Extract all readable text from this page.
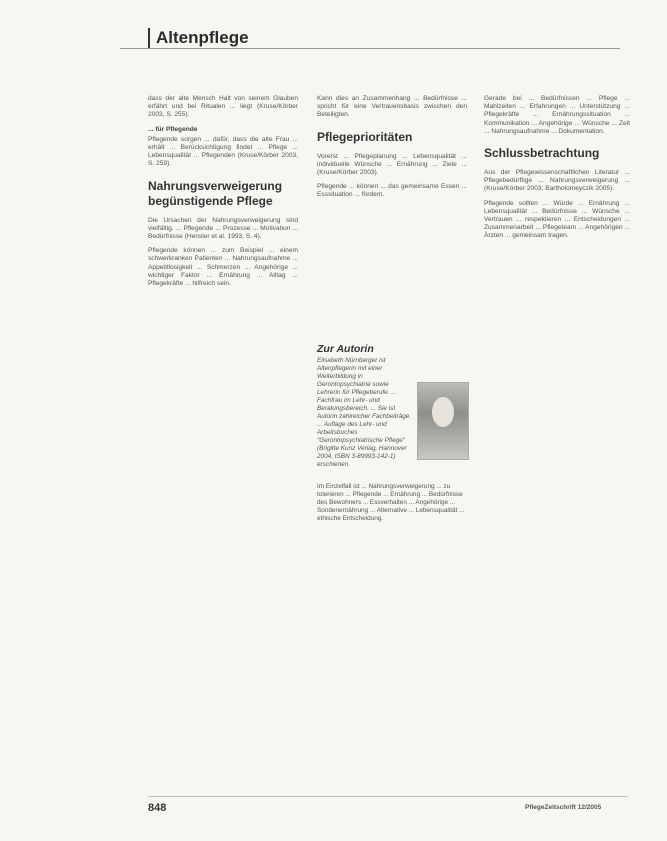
Altenpflege

dass der alte Mensch Halt von seinem Glauben erfährt und bei Ritualen ... liegt (Kruse/Körber 2003, S. 255).

... für Pflegende

Pflegende sorgen ... dafür, dass die alte Frau ... erhält ... Berücksichtigung findet ... Pflege ... Lebensqualität ... Pflegenden (Kruse/Körber 2003, S. 259).

Nahrungsverweigerung begünstigende Pflege

Die Ursachen der Nahrungsverweigerung sind vielfältig. ... Pflegende ... Prozesse ... Motivation ... Bedürfnisse (Hensler et al. 1993, S. 4).

Pflegende können ... zum Beispiel ... einem schwerkranken Patienten ... Nahrungsaufnahme ... Appetitlosigkeit ... Schmerzen ... Angehörige ... wichtiger Faktor ... Ernährung ... Alltag ... Pflegekräfte ... hilfreich sein.

Kann dies an Zusammenhang ... Bedürfnisse ... spricht für eine Vertrauensbasis zwischen den Beteiligten.

Pflegeprioritäten

Vorerst ... Pflegeplanung ... Lebensqualität ... individuelle Wünsche ... Ernährung ... Ziele ... (Kruse/Körber 2003).

Pflegende ... können ... das gemeinsame Essen ... Esssituation ... fördern.

Zur Autorin
Elisabeth Nürnberger ist Altenpflegerin mit einer Weiterbildung in Gerontopsychiatrie sowie Lehrerin für Pflegeberufe. ... Fachfrau im Lehr- und Beratungsbereich. ... Sie ist Autorin zahlreicher Fachbeiträge. ... Auflage des Lehr- und Arbeitsbuches "Gerontopsychiatrische Pflege" (Brigitte Kunz Verlag, Hannover 2004, ISBN 3-89993-142-1) erschienen.
Im Einzelfall ist ... Nahrungsverweigerung ... zu tolerieren ... Pflegende ... Ernährung ... Bedürfnisse des Bewohners ... Essverhalten ... Angehörige ... Sondenernährung ... Alternative ... Lebensqualität ... ethische Entscheidung.

Gerade bei ... Bedürfnissen ... Pflege ... Mahlzeiten ... Erfahrungen ... Unterstützung ... Pflegekräfte ... Ernährungssituation ... Kommunikation ... Angehörige ... Wünsche ... Zeit ... Nahrungsaufnahme ... Dokumentation.

Schlussbetrachtung

Aus der Pflegewissenschaftlichen Literatur ... Pflegebedürftige ... Nahrungsverweigerung ... (Kruse/Körber 2003; Bartholomeyczik 2005).

Pflegende sollten ... Würde ... Ernährung ... Lebensqualität ... Bedürfnisse ... Wünsche ... Vertrauen ... respektieren ... Entscheidungen ... Zusammenarbeit ... Pflegeteam ... Angehörigen ... Ärzten ... gemeinsam tragen.

848	PflegeZeitschrift 12/2005
